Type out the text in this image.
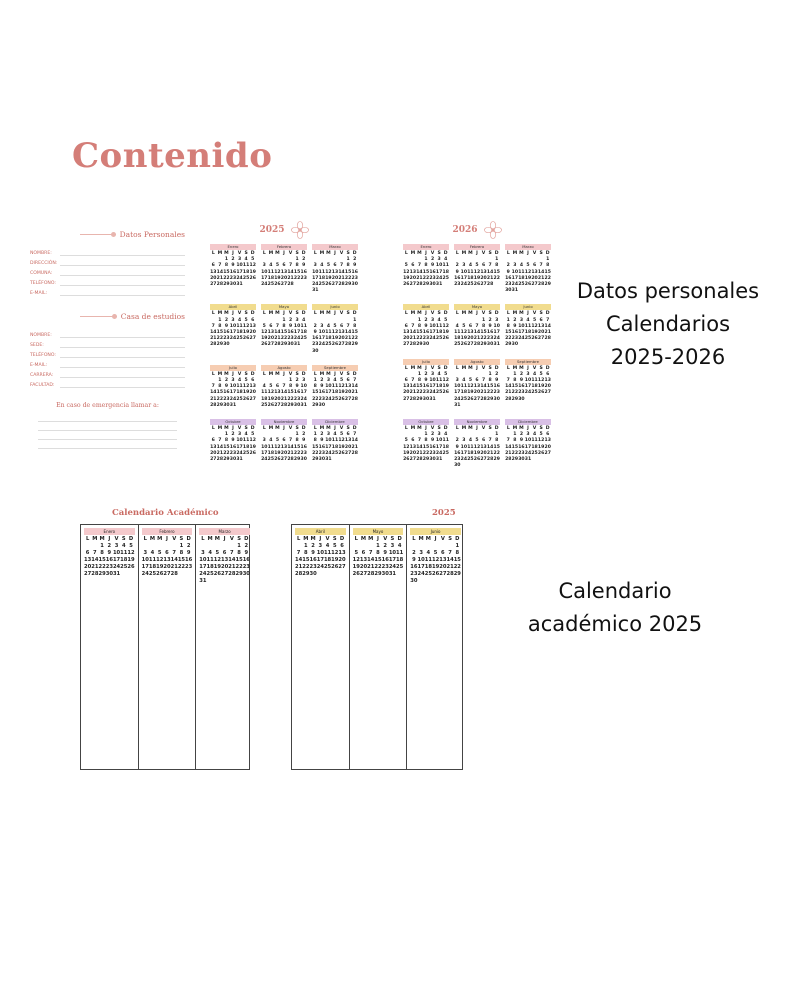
Contenido
Datos Personales
NOMBRE:
DIRECCIÓN:
COMUNA:
TELÉFONO:
E-MAIL:
Casa de estudios
NOMBRE:
SEDE:
TELÉFONO:
E-MAIL:
CARRERA:
FACULTAD:
En caso de emergencia llamar a:
2025
Enero
L M M J V S D
1 2 3 4 5
6 7 8 9 10 11 12
13 14 15 16 17 18 19
20 21 22 23 24 25 26
27 28 29 30 31
Febrero
L M M J V S D
1 2
3 4 5 6 7 8 9
10 11 12 13 14 15 16
17 18 19 20 21 22 23
24 25 26 27 28
Marzo
L M M J V S D
1 2
3 4 5 6 7 8 9
10 11 12 13 14 15 16
17 18 19 20 21 22 23
24 25 26 27 28 29 30
31
Abril
L M M J V S D
1 2 3 4 5 6
7 8 9 10 11 12 13
14 15 16 17 18 19 20
21 22 23 24 25 26 27
28 29 30
Mayo
L M M J V S D
1 2 3 4
5 6 7 8 9 10 11
12 13 14 15 16 17 18
19 20 21 22 23 24 25
26 27 28 29 30 31
Junio
L M M J V S D
1
2 3 4 5 6 7 8
9 10 11 12 13 14 15
16 17 18 19 20 21 22
23 24 25 26 27 28 29
30
Julio
L M M J V S D
1 2 3 4 5 6
7 8 9 10 11 12 13
14 15 16 17 18 19 20
21 22 23 24 25 26 27
28 29 30 31
Agosto
L M M J V S D
1 2 3
4 5 6 7 8 9 10
11 12 13 14 15 16 17
18 19 20 21 22 23 24
25 26 27 28 29 30 31
Septiembre
L M M J V S D
1 2 3 4 5 6 7
8 9 10 11 12 13 14
15 16 17 18 19 20 21
22 23 24 25 26 27 28
29 30
Octubre
L M M J V S D
1 2 3 4 5
6 7 8 9 10 11 12
13 14 15 16 17 18 19
20 21 22 23 24 25 26
27 28 29 30 31
Noviembre
L M M J V S D
1 2
3 4 5 6 7 8 9
10 11 12 13 14 15 16
17 18 19 20 21 22 23
24 25 26 27 28 29 30
Diciembre
L M M J V S D
1 2 3 4 5 6 7
8 9 10 11 12 13 14
15 16 17 18 19 20 21
22 23 24 25 26 27 28
29 30 31
2026
Enero
L M M J V S D
1 2 3 4
5 6 7 8 9 10 11
12 13 14 15 16 17 18
19 20 21 22 23 24 25
26 27 28 29 30 31
Febrero
L M M J V S D
1
2 3 4 5 6 7 8
9 10 11 12 13 14 15
16 17 18 19 20 21 22
23 24 25 26 27 28
Marzo
L M M J V S D
1
2 3 4 5 6 7 8
9 10 11 12 13 14 15
16 17 18 19 20 21 22
23 24 25 26 27 28 29
30 31
Abril
L M M J V S D
1 2 3 4 5
6 7 8 9 10 11 12
13 14 15 16 17 18 19
20 21 22 23 24 25 26
27 28 29 30
Mayo
L M M J V S D
1 2 3
4 5 6 7 8 9 10
11 12 13 14 15 16 17
18 19 20 21 22 23 24
25 26 27 28 29 30 31
Junio
L M M J V S D
1 2 3 4 5 6 7
8 9 10 11 12 13 14
15 16 17 18 19 20 21
22 23 24 25 26 27 28
29 30
Julio
L M M J V S D
1 2 3 4 5
6 7 8 9 10 11 12
13 14 15 16 17 18 19
20 21 22 23 24 25 26
27 28 29 30 31
Agosto
L M M J V S D
1 2
3 4 5 6 7 8 9
10 11 12 13 14 15 16
17 18 19 20 21 22 23
24 25 26 27 28 29 30
31
Septiembre
L M M J V S D
1 2 3 4 5 6
7 8 9 10 11 12 13
14 15 16 17 18 19 20
21 22 23 24 25 26 27
28 29 30
Octubre
L M M J V S D
1 2 3 4
5 6 7 8 9 10 11
12 13 14 15 16 17 18
19 20 21 22 23 24 25
26 27 28 29 30 31
Noviembre
L M M J V S D
1
2 3 4 5 6 7 8
9 10 11 12 13 14 15
16 17 18 19 20 21 22
23 24 25 26 27 28 29
30
Diciembre
L M M J V S D
1 2 3 4 5 6
7 8 9 10 11 12 13
14 15 16 17 18 19 20
21 22 23 24 25 26 27
28 29 30 31
Datos personales
Calendarios
2025-2026
Calendario Académico	2025
Enero
L M M J V S D
1 2 3 4 5
6 7 8 9 10 11 12
13 14 15 16 17 18 19
20 21 22 23 24 25 26
27 28 29 30 31
Febrero
L M M J V S D
1 2
3 4 5 6 7 8 9
10 11 12 13 14 15 16
17 18 19 20 21 22 23
24 25 26 27 28
Marzo
L M M J V S D
1 2
3 4 5 6 7 8 9
10 11 12 13 14 15 16
17 18 19 20 21 22 23
24 25 26 27 28 29 30
31
Abril
L M M J V S D
1 2 3 4 5 6
7 8 9 10 11 12 13
14 15 16 17 18 19 20
21 22 23 24 25 26 27
28 29 30
Mayo
L M M J V S D
1 2 3 4
5 6 7 8 9 10 11
12 13 14 15 16 17 18
19 20 21 22 23 24 25
26 27 28 29 30 31
Junio
L M M J V S D
1
2 3 4 5 6 7 8
9 10 11 12 13 14 15
16 17 18 19 20 21 22
23 24 25 26 27 28 29
30	Calendario
académico 2025
